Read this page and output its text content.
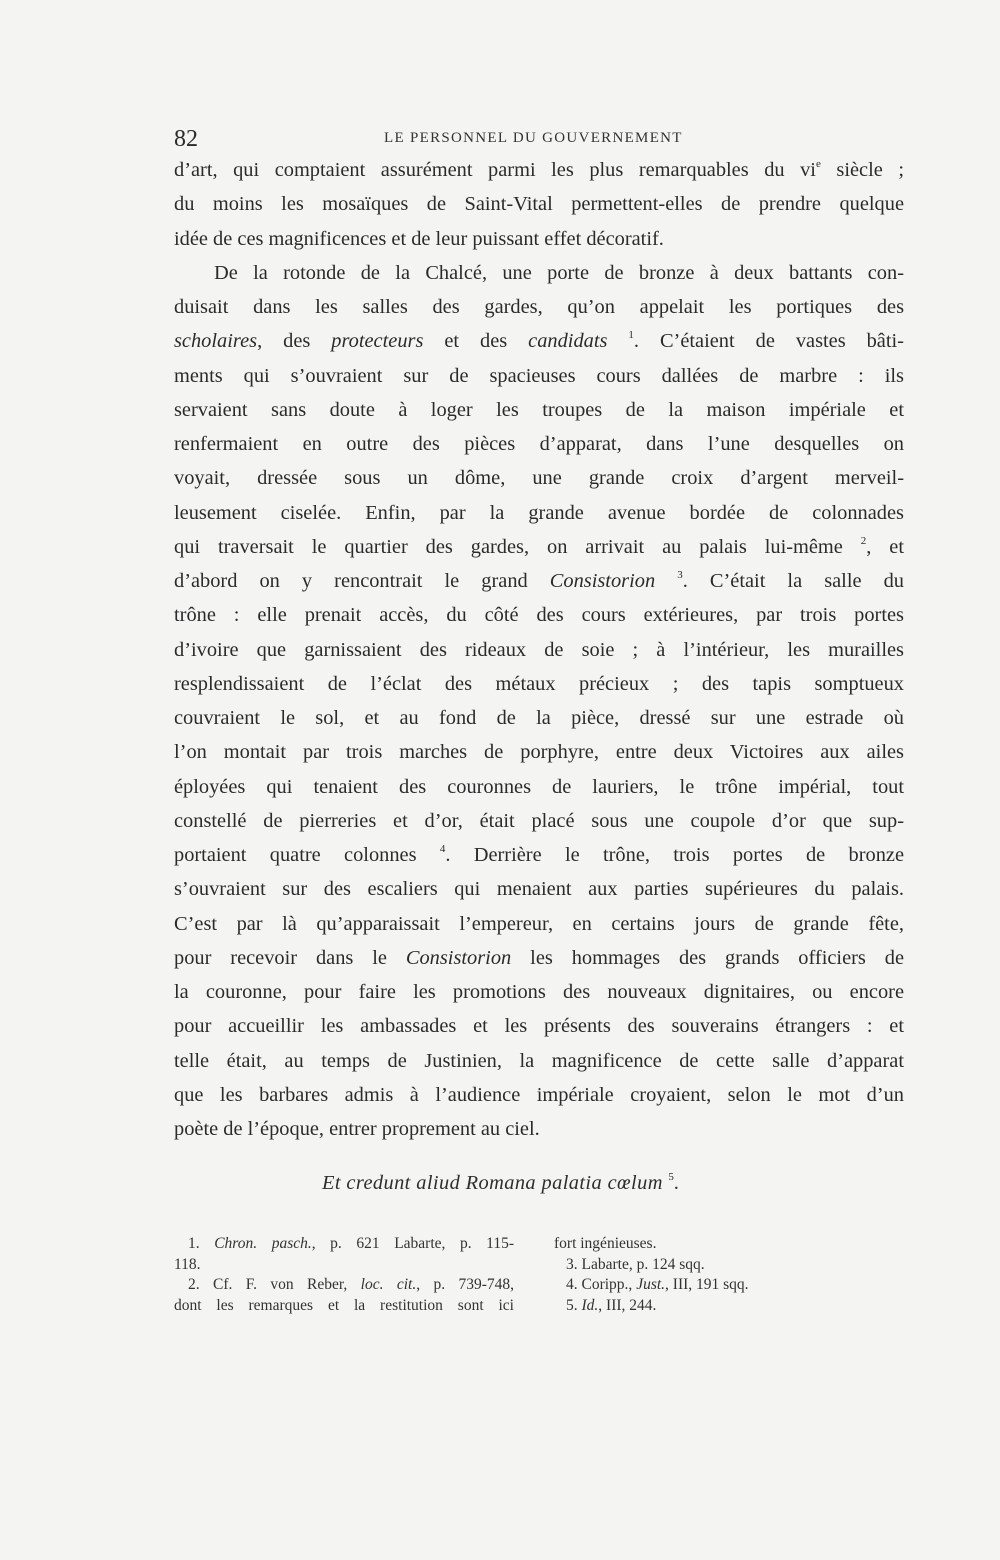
82	LE PERSONNEL DU GOUVERNEMENT
d’art, qui comptaient assurément parmi les plus remarquables du $vi^e$ siècle ;
du moins les mosaïques de Saint-Vital permettent-elles de prendre quelque
idée de ces magnificences et de leur puissant effet décoratif.
De la rotonde de la Chalcé, une porte de bronze à deux battants con-
duisait dans les salles des gardes, qu’on appelait les portiques des
scholaires, des protecteurs et des candidats $^1$. C’étaient de vastes bâti-
ments qui s’ouvraient sur de spacieuses cours dallées de marbre : ils
servaient sans doute à loger les troupes de la maison impériale et
renfermaient en outre des pièces d’apparat, dans l’une desquelles on
voyait, dressée sous un dôme, une grande croix d’argent merveil-
leusement ciselée. Enfin, par la grande avenue bordée de colonnades
qui traversait le quartier des gardes, on arrivait au palais lui-même $^2$, et
d’abord on y rencontrait le grand Consistorion $^3$. C’était la salle du
trône : elle prenait accès, du côté des cours extérieures, par trois portes
d’ivoire que garnissaient des rideaux de soie ; à l’intérieur, les murailles
resplendissaient de l’éclat des métaux précieux ; des tapis somptueux
couvraient le sol, et au fond de la pièce, dressé sur une estrade où
l’on montait par trois marches de porphyre, entre deux Victoires aux ailes
éployées qui tenaient des couronnes de lauriers, le trône impérial, tout
constellé de pierreries et d’or, était placé sous une coupole d’or que sup-
portaient quatre colonnes $^4$. Derrière le trône, trois portes de bronze
s’ouvraient sur des escaliers qui menaient aux parties supérieures du palais.
C’est par là qu’apparaissait l’empereur, en certains jours de grande fête,
pour recevoir dans le Consistorion les hommages des grands officiers de
la couronne, pour faire les promotions des nouveaux dignitaires, ou encore
pour accueillir les ambassades et les présents des souverains étrangers : et
telle était, au temps de Justinien, la magnificence de cette salle d’apparat
que les barbares admis à l’audience impériale croyaient, selon le mot d’un
poète de l’époque, entrer proprement au ciel.
Et credunt aliud Romana palatia cœlum $^5$.
1. Chron. pasch., p. 621 Labarte, p. 115-
118.
2. Cf. F. von Reber, loc. cit., p. 739-748,
dont les remarques et la restitution sont ici
fort ingénieuses.
3. Labarte, p. 124 sqq.
4. Coripp., Just., III, 191 sqq.
5. Id., III, 244.
